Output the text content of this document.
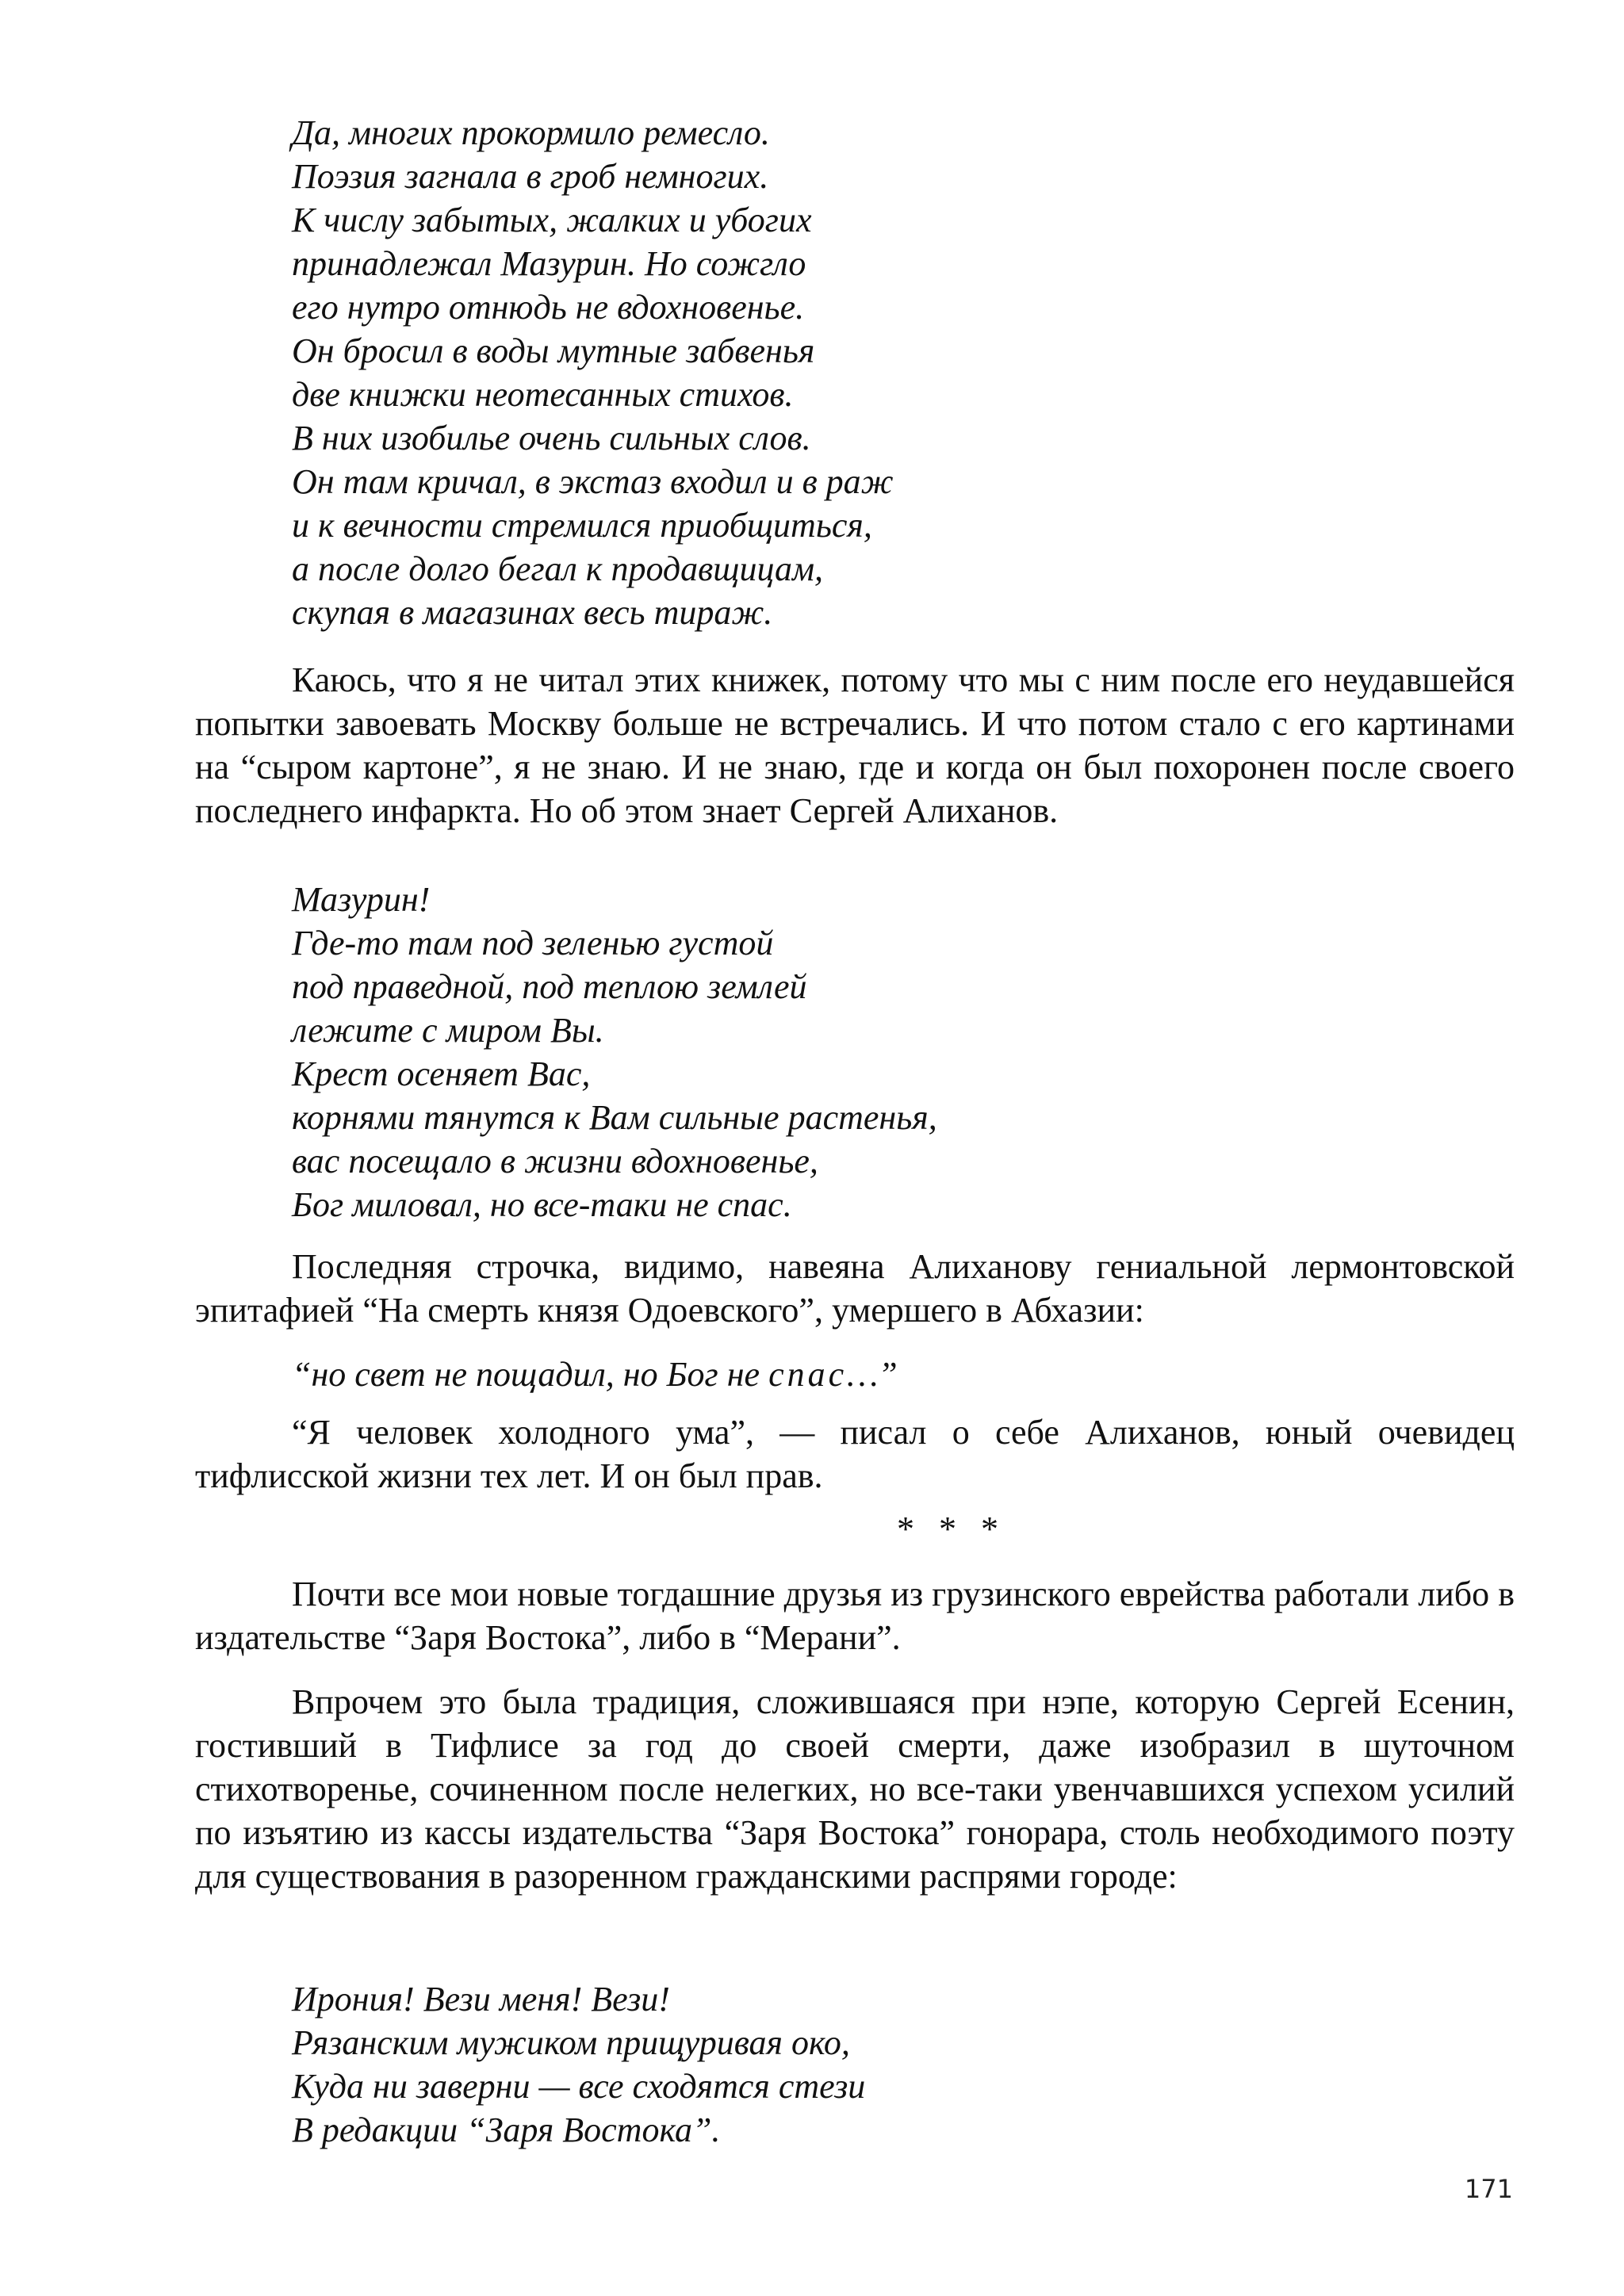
Да, многих прокормило ремесло.
Поэзия загнала в гроб немногих.
К числу забытых, жалких и убогих
принадлежал Мазурин. Но сожгло
его нутро отнюдь не вдохновенье.
Он бросил в воды мутные забвенья
две книжки неотесанных стихов.
В них изобилье очень сильных слов.
Он там кричал, в экстаз входил и в раж
и к вечности стремился приобщиться,
а после долго бегал к продавщицам,
скупая в магазинах весь тираж.

Каюсь, что я не читал этих книжек, потому что мы с ним после его неудавшейся попытки завоевать Москву больше не встречались. И что потом стало с его картинами на “сыром картоне”, я не знаю. И не знаю, где и когда он был похоронен после своего последнего инфаркта. Но об этом знает Сергей Алиханов.

Мазурин!
Где-то там под зеленью густой
под праведной, под теплою землей
лежите с миром Вы.
Крест осеняет Вас,
корнями тянутся к Вам сильные растенья,
вас посещало в жизни вдохновенье,
Бог миловал, но все-таки не спас.

Последняя строчка, видимо, навеяна Алиханову гениальной лермонтовской эпитафией “На смерть князя Одоевского”, умершего в Абхазии:

“но свет не пощадил, но Бог не спас…”

“Я человек холодного ума”, — писал о себе Алиханов, юный очевидец тифлисской жизни тех лет. И он был прав.

* * *

Почти все мои новые тогдашние друзья из грузинского еврейства работали либо в издательстве “Заря Востока”, либо в “Мерани”.

Впрочем это была традиция, сложившаяся при нэпе, которую Сергей Есенин, гостивший в Тифлисе за год до своей смерти, даже изобразил в шуточном стихотворенье, сочиненном после нелегких, но все-таки увенчавшихся успехом усилий по изъятию из кассы издательства “Заря Востока” гонорара, столь необходимого поэту для существования в разоренном гражданскими распрями городе:

Ирония! Вези меня! Вези!
Рязанским мужиком прищуривая око,
Куда ни заверни — все сходятся стези
В редакции “Заря Востока”.
171
